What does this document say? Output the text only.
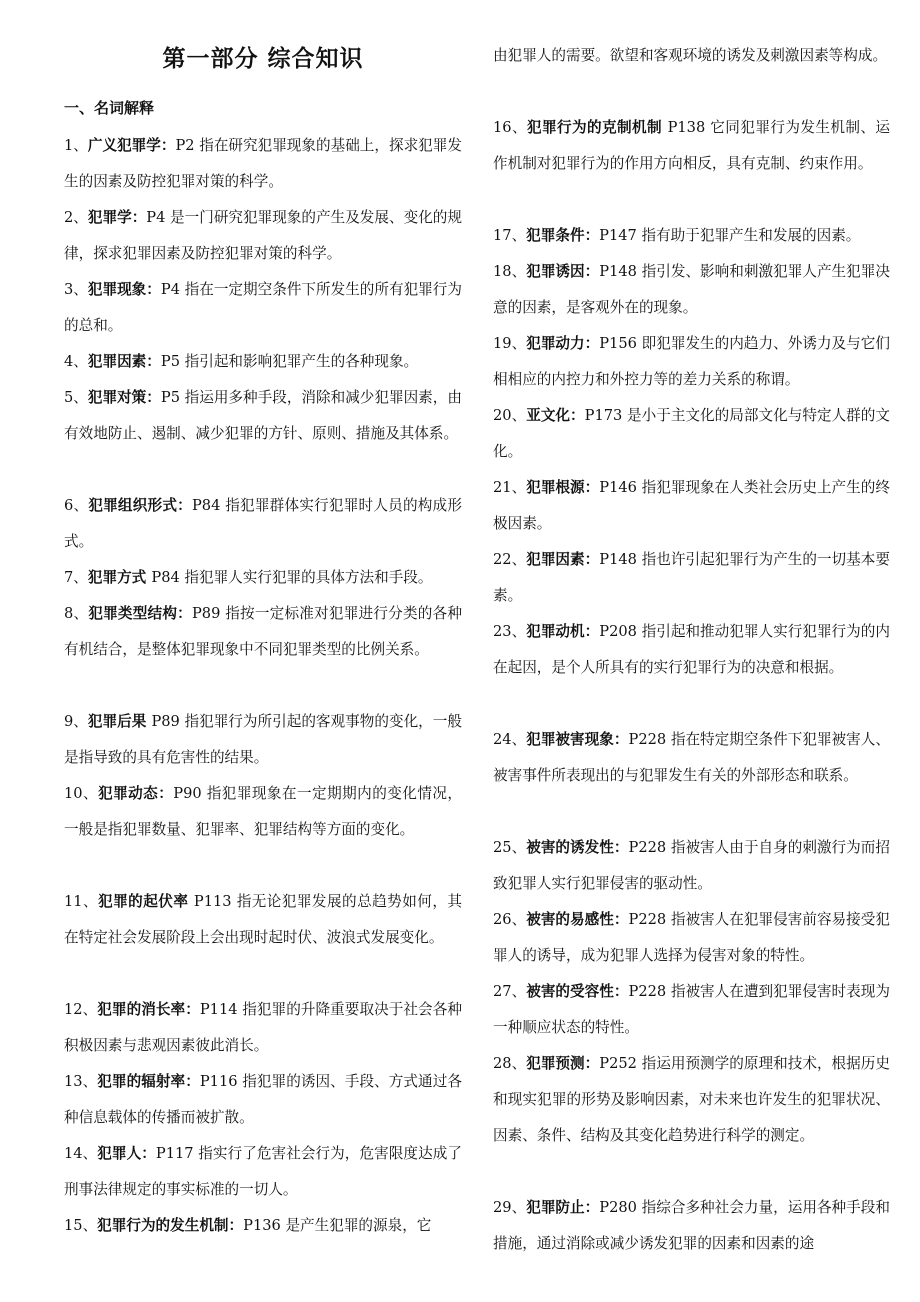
第一部分 综合知识
一、名词解释

1、广义犯罪学：P2 指在研究犯罪现象的基础上，探求犯罪发生的因素及防控犯罪对策的科学。

2、犯罪学：P4 是一门研究犯罪现象的产生及发展、变化的规律，探求犯罪因素及防控犯罪对策的科学。

3、犯罪现象：P4 指在一定期空条件下所发生的所有犯罪行为的总和。

4、犯罪因素：P5 指引起和影响犯罪产生的各种现象。

5、犯罪对策：P5 指运用多种手段，消除和减少犯罪因素，由有效地防止、遏制、减少犯罪的方针、原则、措施及其体系。

6、犯罪组织形式：P84 指犯罪群体实行犯罪时人员的构成形式。

7、犯罪方式 P84 指犯罪人实行犯罪的具体方法和手段。

8、犯罪类型结构：P89 指按一定标准对犯罪进行分类的各种有机结合，是整体犯罪现象中不同犯罪类型的比例关系。

9、犯罪后果 P89 指犯罪行为所引起的客观事物的变化，一般是指导致的具有危害性的结果。

10、犯罪动态：P90 指犯罪现象在一定期期内的变化情况，一般是指犯罪数量、犯罪率、犯罪结构等方面的变化。

11、犯罪的起伏率 P113 指无论犯罪发展的总趋势如何，其在特定社会发展阶段上会出现时起时伏、波浪式发展变化。

12、犯罪的消长率：P114 指犯罪的升降重要取决于社会各种积极因素与悲观因素彼此消长。

13、犯罪的辐射率：P116 指犯罪的诱因、手段、方式通过各种信息载体的传播而被扩散。

14、犯罪人：P117 指实行了危害社会行为，危害限度达成了刑事法律规定的事实标准的一切人。

15、犯罪行为的发生机制：P136 是产生犯罪的源泉，它

由犯罪人的需要。欲望和客观环境的诱发及刺激因素等构成。

16、犯罪行为的克制机制 P138 它同犯罪行为发生机制、运作机制对犯罪行为的作用方向相反，具有克制、约束作用。

17、犯罪条件：P147 指有助于犯罪产生和发展的因素。

18、犯罪诱因：P148 指引发、影响和刺激犯罪人产生犯罪决意的因素，是客观外在的现象。

19、犯罪动力：P156 即犯罪发生的内趋力、外诱力及与它们相相应的内控力和外控力等的差力关系的称谓。

20、亚文化：P173 是小于主文化的局部文化与特定人群的文化。

21、犯罪根源：P146 指犯罪现象在人类社会历史上产生的终极因素。

22、犯罪因素：P148 指也许引起犯罪行为产生的一切基本要素。

23、犯罪动机：P208 指引起和推动犯罪人实行犯罪行为的内在起因，是个人所具有的实行犯罪行为的决意和根据。

24、犯罪被害现象：P228 指在特定期空条件下犯罪被害人、被害事件所表现出的与犯罪发生有关的外部形态和联系。

25、被害的诱发性：P228 指被害人由于自身的刺激行为而招致犯罪人实行犯罪侵害的驱动性。

26、被害的易感性：P228 指被害人在犯罪侵害前容易接受犯罪人的诱导，成为犯罪人选择为侵害对象的特性。

27、被害的受容性：P228 指被害人在遭到犯罪侵害时表现为一种顺应状态的特性。

28、犯罪预测：P252 指运用预测学的原理和技术，根据历史和现实犯罪的形势及影响因素，对未来也许发生的犯罪状况、因素、条件、结构及其变化趋势进行科学的测定。

29、犯罪防止：P280 指综合多种社会力量，运用各种手段和措施，通过消除或减少诱发犯罪的因素和因素的途
